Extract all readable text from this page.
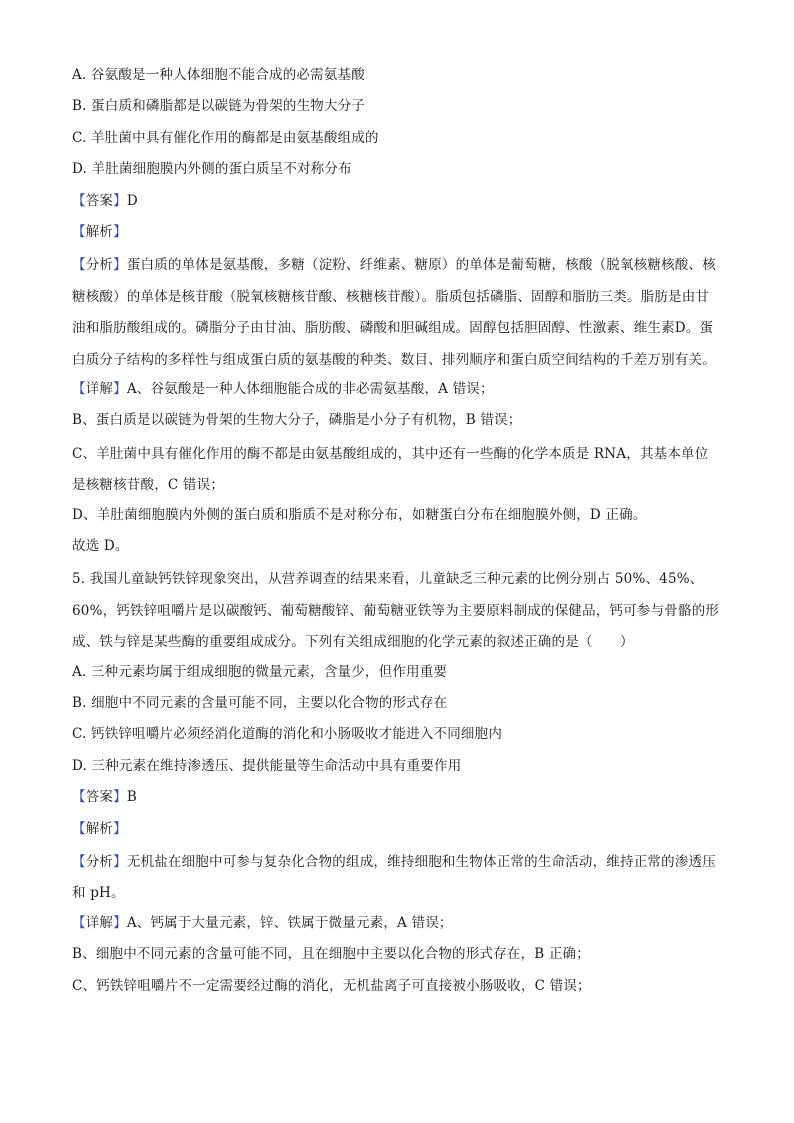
A. 谷氨酸是一种人体细胞不能合成的必需氨基酸
B. 蛋白质和磷脂都是以碳链为骨架的生物大分子
C. 羊肚菌中具有催化作用的酶都是由氨基酸组成的
D. 羊肚菌细胞膜内外侧的蛋白质呈不对称分布
【答案】D
【解析】
【分析】蛋白质的单体是氨基酸，多糖（淀粉、纤维素、糖原）的单体是葡萄糖，核酸（脱氧核糖核酸、核糖核酸）的单体是核苷酸（脱氧核糖核苷酸、核糖核苷酸）。脂质包括磷脂、固醇和脂肪三类。脂肪是由甘油和脂肪酸组成的。磷脂分子由甘油、脂肪酸、磷酸和胆碱组成。固醇包括胆固醇、性激素、维生素D。蛋白质分子结构的多样性与组成蛋白质的氨基酸的种类、数目、排列顺序和蛋白质空间结构的千差万别有关。
【详解】A、谷氨酸是一种人体细胞能合成的非必需氨基酸，A 错误；
B、蛋白质是以碳链为骨架的生物大分子，磷脂是小分子有机物，B 错误；
C、羊肚菌中具有催化作用的酶不都是由氨基酸组成的，其中还有一些酶的化学本质是 RNA，其基本单位是核糖核苷酸，C 错误；
D、羊肚菌细胞膜内外侧的蛋白质和脂质不是对称分布，如糖蛋白分布在细胞膜外侧，D 正确。
故选 D。
5. 我国儿童缺钙铁锌现象突出，从营养调查的结果来看，儿童缺乏三种元素的比例分别占 50%、45%、60%，钙铁锌咀嚼片是以碳酸钙、葡萄糖酸锌、葡萄糖亚铁等为主要原料制成的保健品，钙可参与骨骼的形成、铁与锌是某些酶的重要组成成分。下列有关组成细胞的化学元素的叙述正确的是（　　）
A. 三种元素均属于组成细胞的微量元素，含量少，但作用重要
B. 细胞中不同元素的含量可能不同，主要以化合物的形式存在
C. 钙铁锌咀嚼片必须经消化道酶的消化和小肠吸收才能进入不同细胞内
D. 三种元素在维持渗透压、提供能量等生命活动中具有重要作用
【答案】B
【解析】
【分析】无机盐在细胞中可参与复杂化合物的组成，维持细胞和生物体正常的生命活动，维持正常的渗透压和 pH。
【详解】A、钙属于大量元素，锌、铁属于微量元素，A 错误；
B、细胞中不同元素的含量可能不同，且在细胞中主要以化合物的形式存在，B 正确；
C、钙铁锌咀嚼片不一定需要经过酶的消化，无机盐离子可直接被小肠吸收，C 错误；
